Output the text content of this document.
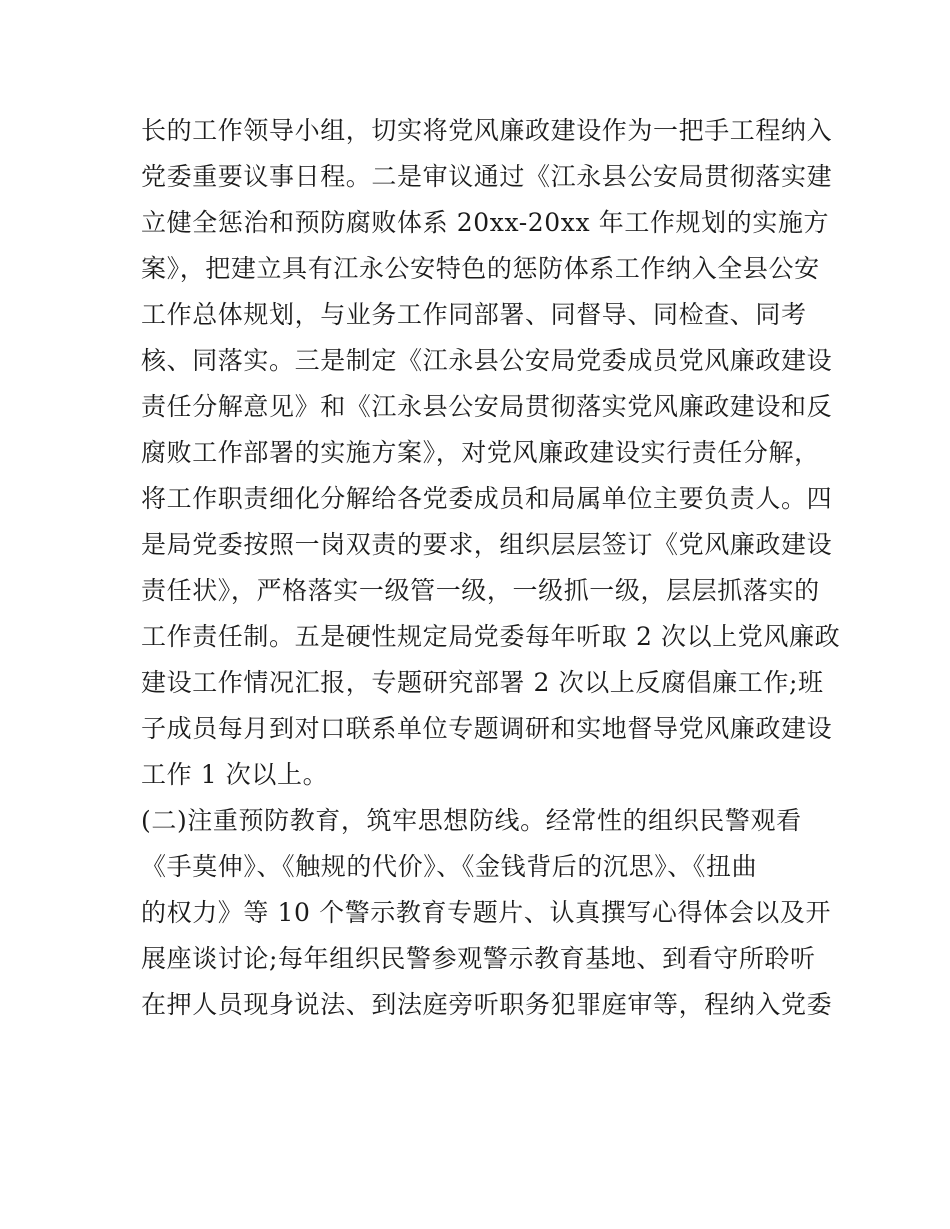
长的工作领导小组，切实将党风廉政建设作为一把手工程纳入
党委重要议事日程。二是审议通过《江永县公安局贯彻落实建
立健全惩治和预防腐败体系 20xx-20xx 年工作规划的实施方
案》，把建立具有江永公安特色的惩防体系工作纳入全县公安
工作总体规划，与业务工作同部署、同督导、同检查、同考
核、同落实。三是制定《江永县公安局党委成员党风廉政建设
责任分解意见》和《江永县公安局贯彻落实党风廉政建设和反
腐败工作部署的实施方案》，对党风廉政建设实行责任分解，
将工作职责细化分解给各党委成员和局属单位主要负责人。四
是局党委按照一岗双责的要求，组织层层签订《党风廉政建设
责任状》，严格落实一级管一级，一级抓一级，层层抓落实的
工作责任制。五是硬性规定局党委每年听取 2 次以上党风廉政
建设工作情况汇报，专题研究部署 2 次以上反腐倡廉工作;班
子成员每月到对口联系单位专题调研和实地督导党风廉政建设
工作 1 次以上。
(二)注重预防教育，筑牢思想防线。经常性的组织民警观看
《手莫伸》、《触规的代价》、《金钱背后的沉思》、《扭曲
的权力》等 10 个警示教育专题片、认真撰写心得体会以及开
展座谈讨论;每年组织民警参观警示教育基地、到看守所聆听
在押人员现身说法、到法庭旁听职务犯罪庭审等，程纳入党委
